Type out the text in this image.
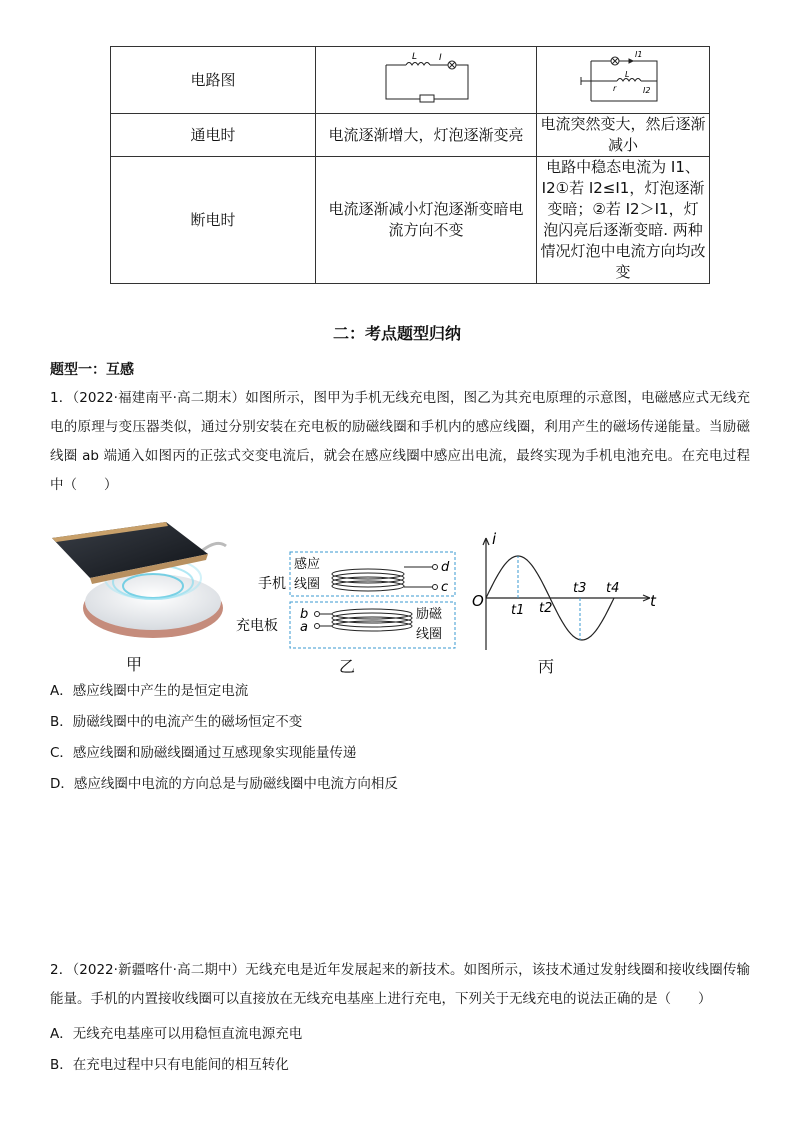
电路图	L I	I1
L
r I2

通电时	电流逐渐增大，灯泡逐渐变亮	电流突然变大，然后逐渐减小
断电时	电流逐渐减小灯泡逐渐变暗电流方向不变	电路中稳态电流为 I1、I2①若 I2≤I1，灯泡逐渐变暗；②若 I2＞I1，灯泡闪亮后逐渐变暗. 两种情况灯泡中电流方向均改变
二：考点题型归纳
题型一：互感
1．（2022·福建南平·高二期末）如图所示，图甲为手机无线充电图，图乙为其充电原理的示意图，电磁感应式无线充电的原理与变压器类似，通过分别安装在充电板的励磁线圈和手机内的感应线圈，利用产生的磁场传递能量。当励磁线圈 ab 端通入如图丙的正弦式交变电流后，就会在感应线圈中感应出电流，最终实现为手机电池充电。在充电过程中（　　）
甲
手机
充电板
感应
线圈
励磁
线圈
d
c
b
a
乙
i
t
O
t1 t2
t3 t4
丙
A．感应线圈中产生的是恒定电流
B．励磁线圈中的电流产生的磁场恒定不变
C．感应线圈和励磁线圈通过互感现象实现能量传递
D．感应线圈中电流的方向总是与励磁线圈中电流方向相反
2．（2022·新疆喀什·高二期中）无线充电是近年发展起来的新技术。如图所示，该技术通过发射线圈和接收线圈传输能量。手机的内置接收线圈可以直接放在无线充电基座上进行充电，下列关于无线充电的说法正确的是（　　）
A．无线充电基座可以用稳恒直流电源充电
B．在充电过程中只有电能间的相互转化
